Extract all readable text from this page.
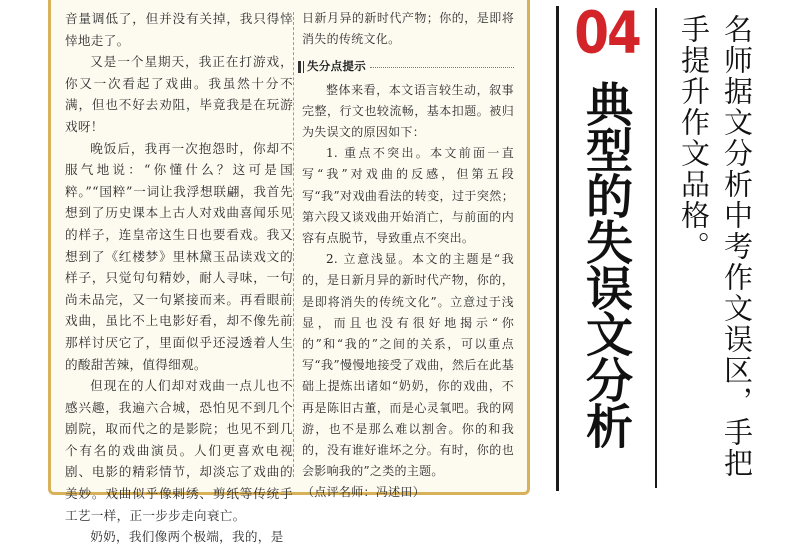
音量调低了，但并没有关掉，我只得悻悻地走了。

又是一个星期天，我正在打游戏，你又一次看起了戏曲。我虽然十分不满，但也不好去劝阻，毕竟我是在玩游戏呀！

晚饭后，我再一次抱怨时，你却不服气地说：“你懂什么？这可是国粹。”“国粹”一词让我浮想联翩，我首先想到了历史课本上古人对戏曲喜闻乐见的样子，连皇帝这生日也要看戏。我又想到了《红楼梦》里林黛玉品读戏文的样子，只觉句句精妙，耐人寻味，一句尚未品完，又一句紧接而来。再看眼前戏曲，虽比不上电影好看，却不像先前那样讨厌它了，里面似乎还浸透着人生的酸甜苦辣，值得细观。

但现在的人们却对戏曲一点儿也不感兴趣，我遍六合城，恐怕见不到几个剧院，取而代之的是影院；也见不到几个有名的戏曲演员。人们更喜欢电视剧、电影的精彩情节，却淡忘了戏曲的美妙。戏曲似乎像剌绣、剪纸等传统手工艺一样，正一步步走向衰亡。

奶奶，我们像两个极端，我的，是

日新月异的新时代产物；你的，是即将消失的传统文化。

失分点提示

整体来看，本文语言较生动，叙事完整，行文也较流畅，基本扣题。被归为失误文的原因如下：

1. 重点不突出。本文前面一直写“我”对戏曲的反感，但第五段写“我”对戏曲看法的转变，过于突然；第六段又谈戏曲开始消亡，与前面的内容有点脱节，导致重点不突出。

2. 立意浅显。本文的主题是“我的，是日新月异的新时代产物，你的，是即将消失的传统文化”。立意过于浅显，而且也没有很好地揭示“你的”和“我的”之间的关系，可以重点写“我”慢慢地接受了戏曲，然后在此基础上提炼出诸如“奶奶，你的戏曲，不再是陈旧古董，而是心灵氧吧。我的网游，也不是那么难以割舍。你的和我的，没有谁好谁坏之分。有时，你的也会影响我的”之类的主题。

（点评名师：冯述田）

04
典型的失误文分析	名师据文分析中考作文误区，手把手提升作文品格。
